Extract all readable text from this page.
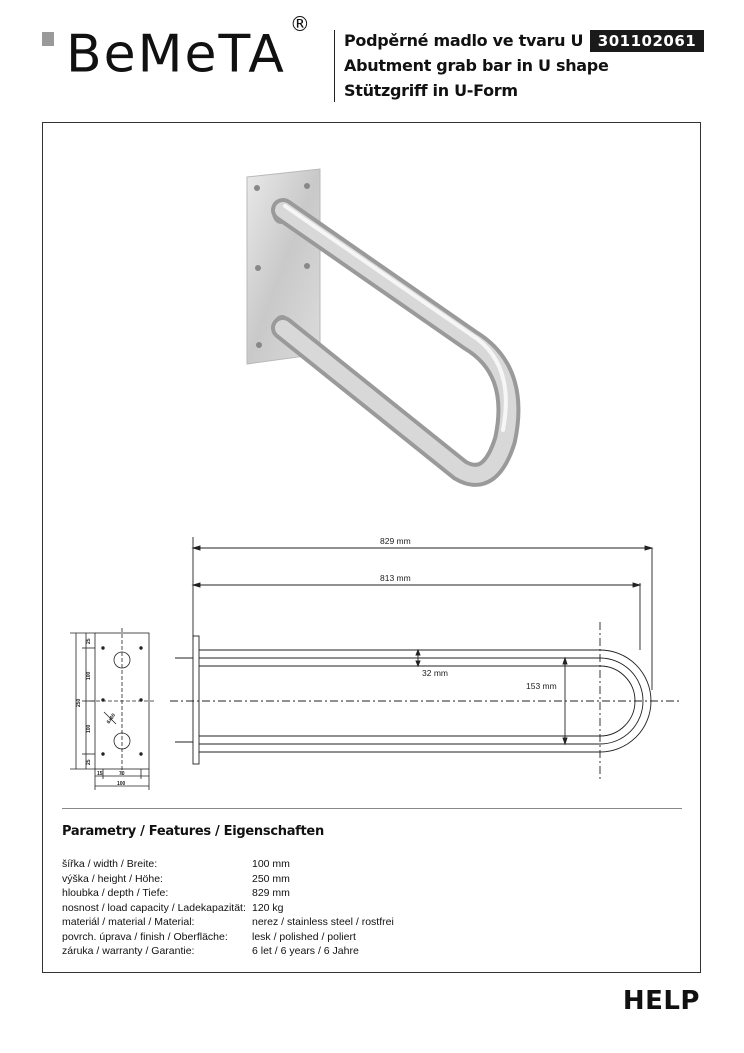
BeMeTA®
Podpěrné madlo ve tvaru U
Abutment grab bar in U shape
Stützgriff in U-Form
301102061
829 mm
813 mm
32 mm
153 mm
25
100
250
100
25
15	70
100
6x60
Parametry / Features / Eigenschaften
šířka / width / Breite:	100 mm
výška / height / Höhe:	250 mm
hloubka / depth / Tiefe:	829 mm
nosnost / load capacity / Ladekapazität: 120 kg
materiál / material / Material:	nerez / stainless steel / rostfrei
povrch. úprava / finish / Oberfläche:	lesk / polished / poliert
záruka / warranty / Garantie:	6 let / 6 years / 6 Jahre
HELP
